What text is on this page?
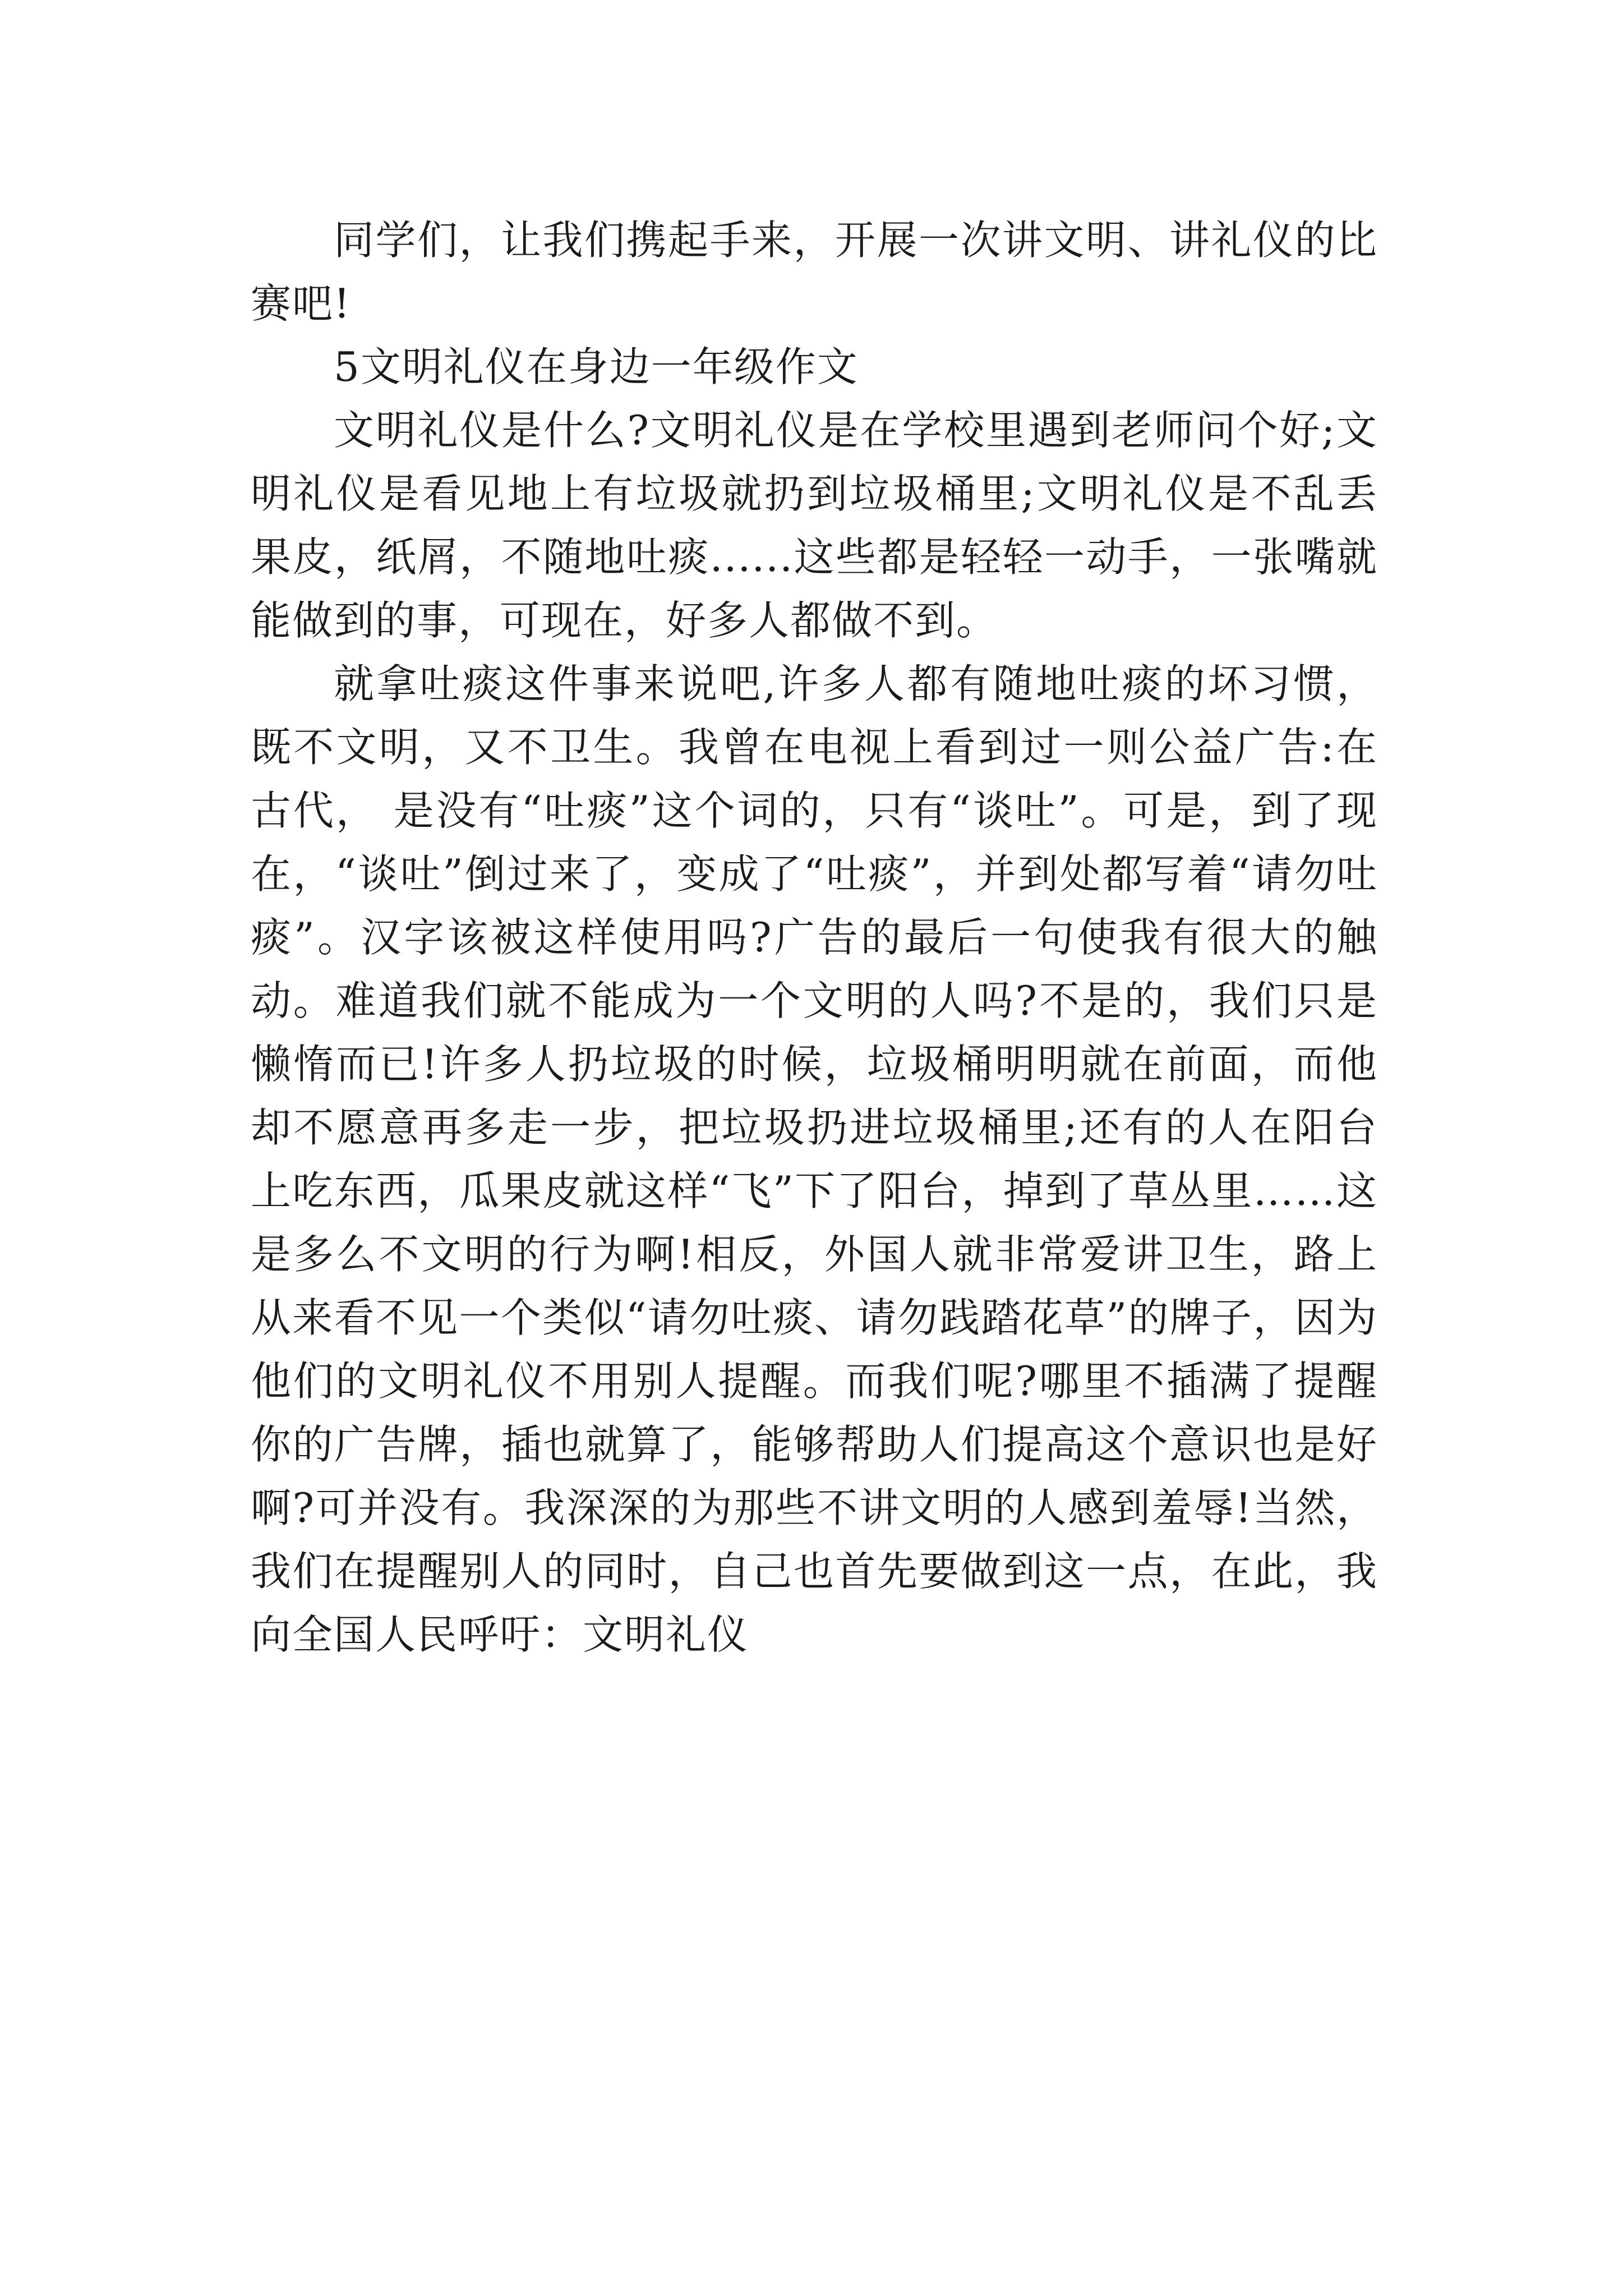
同学们，让我们携起手来，开展一次讲文明、讲礼仪的比赛吧!

5文明礼仪在身边一年级作文

文明礼仪是什么?文明礼仪是在学校里遇到老师问个好;文明礼仪是看见地上有垃圾就扔到垃圾桶里;文明礼仪是不乱丢果皮，纸屑，不随地吐痰......这些都是轻轻一动手，一张嘴就能做到的事，可现在，好多人都做不到。

就拿吐痰这件事来说吧,许多人都有随地吐痰的坏习惯，既不文明，又不卫生。我曾在电视上看到过一则公益广告:在古代， 是没有“吐痰”这个词的，只有“谈吐”。可是，到了现在，“谈吐”倒过来了，变成了“吐痰”，并到处都写着“请勿吐痰”。汉字该被这样使用吗?广告的最后一句使我有很大的触动。难道我们就不能成为一个文明的人吗?不是的，我们只是懒惰而已!许多人扔垃圾的时候，垃圾桶明明就在前面，而他却不愿意再多走一步，把垃圾扔进垃圾桶里;还有的人在阳台上吃东西，瓜果皮就这样“飞”下了阳台，掉到了草丛里……这是多么不文明的行为啊!相反，外国人就非常爱讲卫生，路上从来看不见一个类似“请勿吐痰、请勿践踏花草”的牌子，因为他们的文明礼仪不用别人提醒。而我们呢?哪里不插满了提醒你的广告牌，插也就算了，能够帮助人们提高这个意识也是好啊?可并没有。我深深的为那些不讲文明的人感到羞辱!当然，我们在提醒别人的同时，自己也首先要做到这一点，在此，我向全国人民呼吁：文明礼仪
